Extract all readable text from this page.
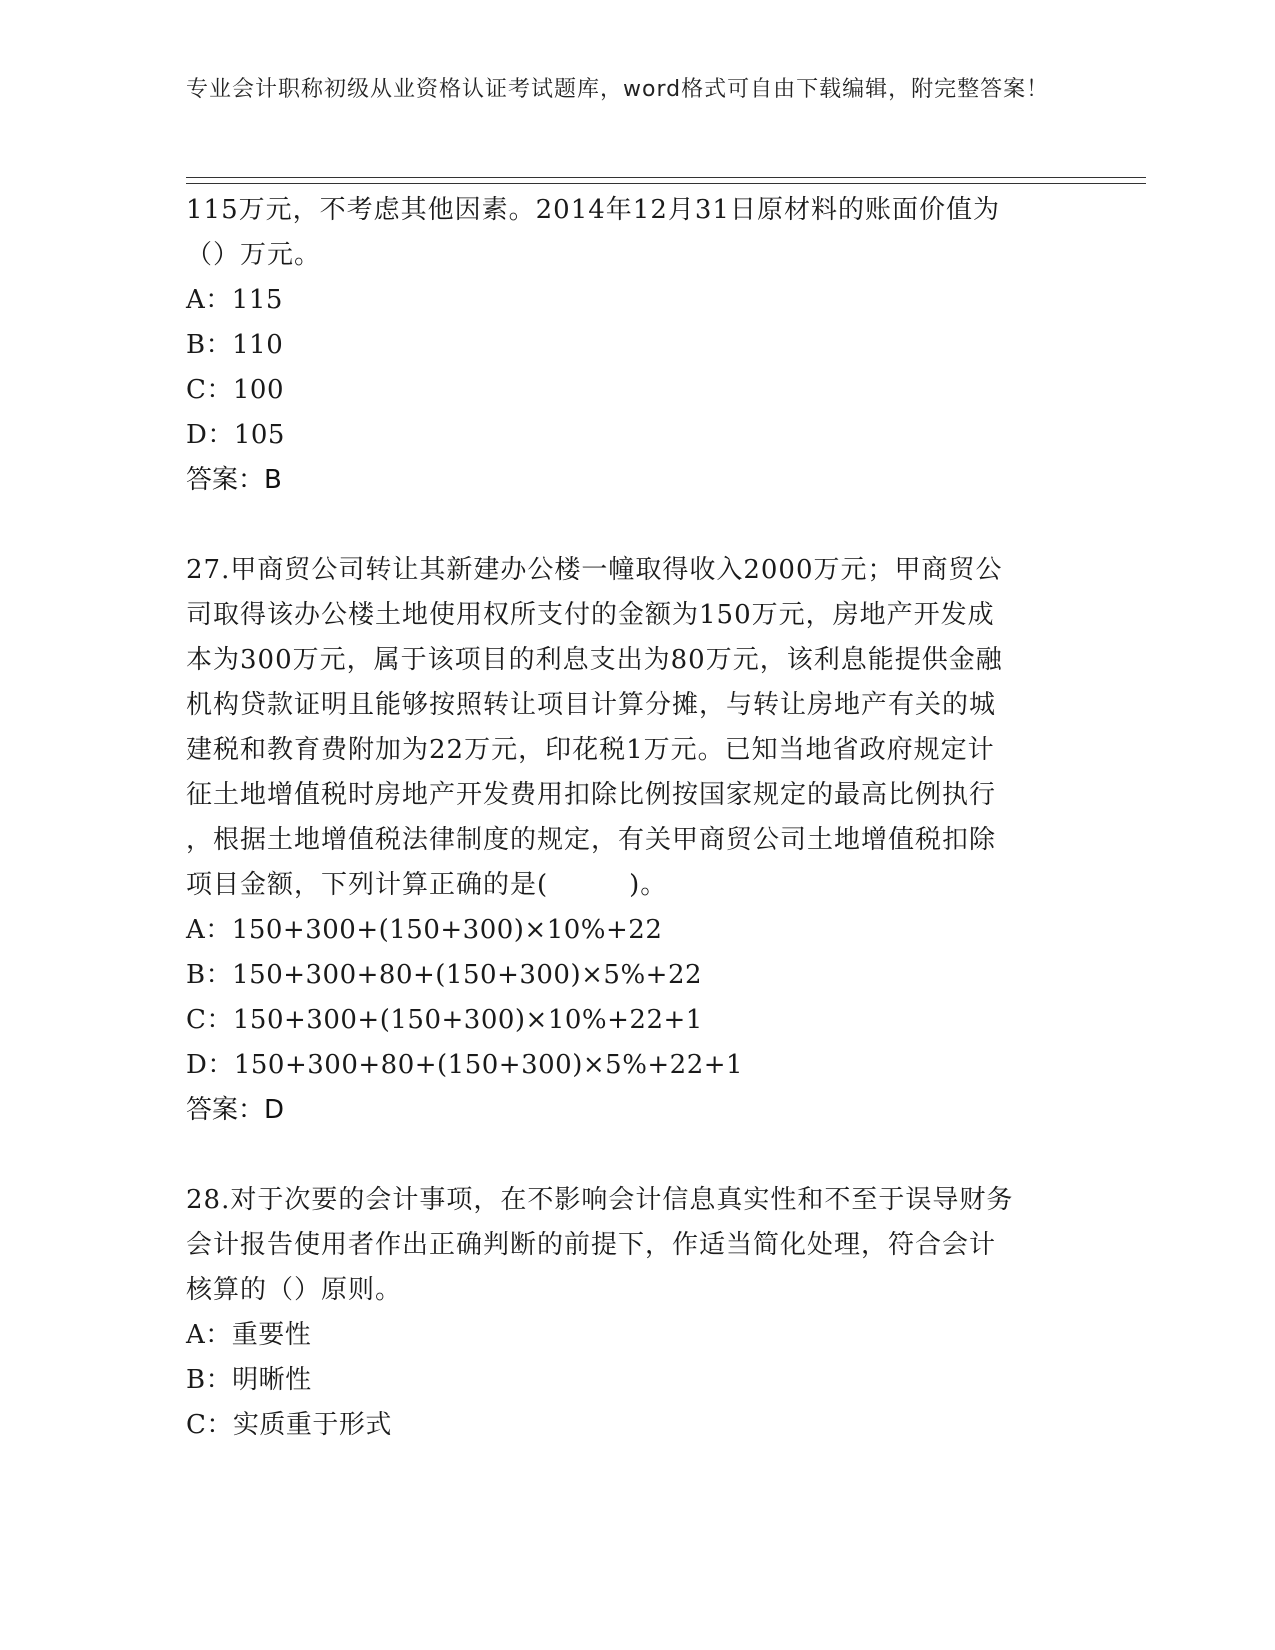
专业会计职称初级从业资格认证考试题库，word格式可自由下载编辑，附完整答案！

115万元，不考虑其他因素。2014年12月31日原材料的账面价值为

（）万元。

A：115

B：110

C：100

D：105

答案：B

27.甲商贸公司转让其新建办公楼一幢取得收入2000万元；甲商贸公

司取得该办公楼土地使用权所支付的金额为150万元，房地产开发成

本为300万元，属于该项目的利息支出为80万元，该利息能提供金融

机构贷款证明且能够按照转让项目计算分摊，与转让房地产有关的城

建税和教育费附加为22万元，印花税1万元。已知当地省政府规定计

征土地增值税时房地产开发费用扣除比例按国家规定的最高比例执行

，根据土地增值税法律制度的规定，有关甲商贸公司土地增值税扣除

项目金额，下列计算正确的是(　　　)。

A：150+300+(150+300)×10%+22

B：150+300+80+(150+300)×5%+22

C：150+300+(150+300)×10%+22+1

D：150+300+80+(150+300)×5%+22+1

答案：D

28.对于次要的会计事项，在不影响会计信息真实性和不至于误导财务

会计报告使用者作出正确判断的前提下，作适当简化处理，符合会计

核算的（）原则。

A：重要性

B：明晰性

C：实质重于形式
